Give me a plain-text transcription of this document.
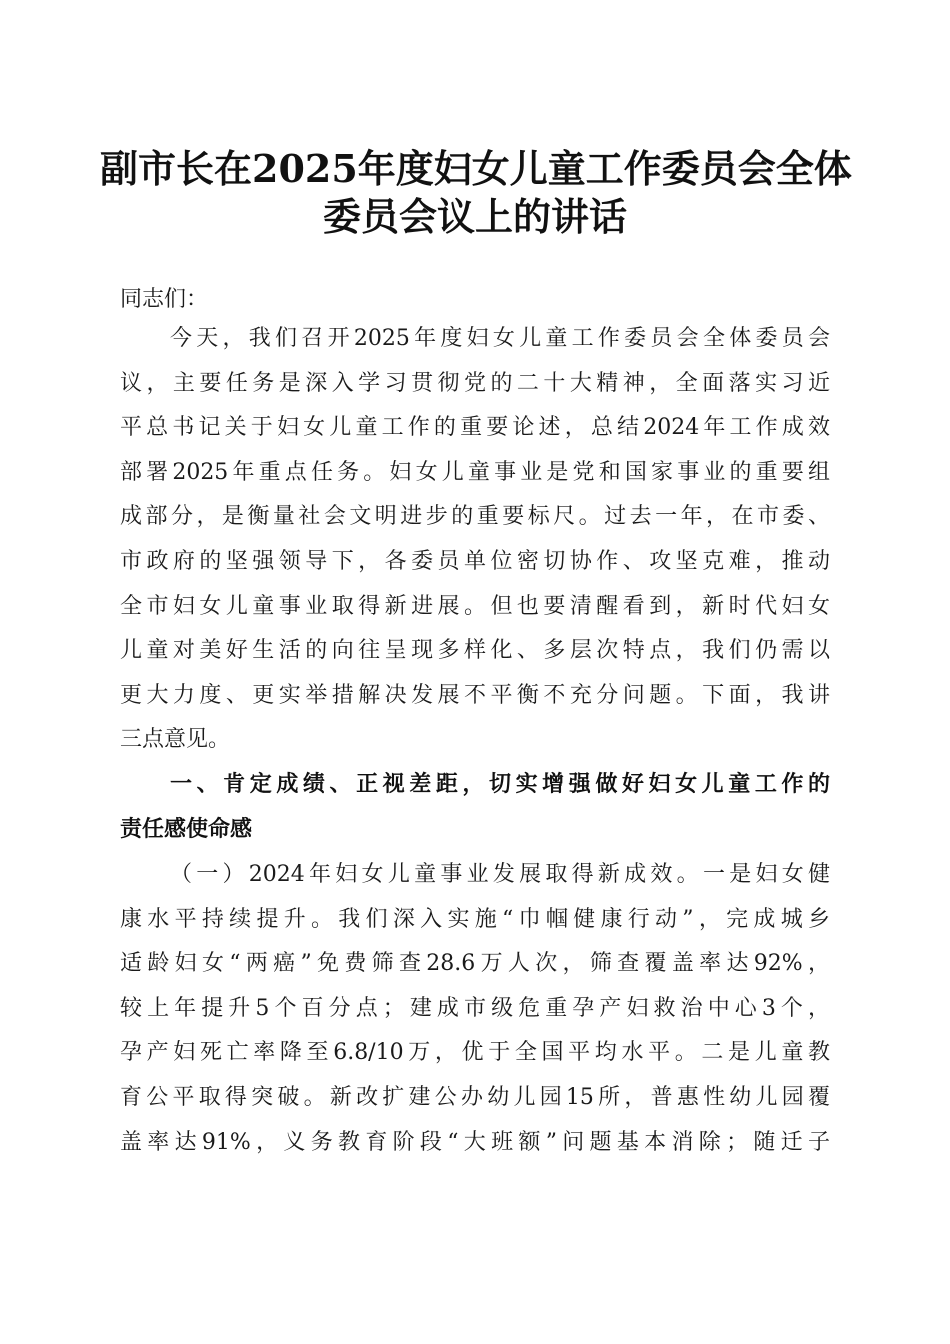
副市长在2025年度妇女儿童工作委员会全体
委员会议上的讲话
同志们：
今天，我们召开2025年度妇女儿童工作委员会全体委员会
议，主要任务是深入学习贯彻党的二十大精神，全面落实习近
平总书记关于妇女儿童工作的重要论述，总结2024年工作成效
部署2025年重点任务。妇女儿童事业是党和国家事业的重要组
成部分，是衡量社会文明进步的重要标尺。过去一年，在市委、
市政府的坚强领导下，各委员单位密切协作、攻坚克难，推动
全市妇女儿童事业取得新进展。但也要清醒看到，新时代妇女
儿童对美好生活的向往呈现多样化、多层次特点，我们仍需以
更大力度、更实举措解决发展不平衡不充分问题。下面，我讲
三点意见。
一、肯定成绩、正视差距，切实增强做好妇女儿童工作的
责任感使命感
（一）2024年妇女儿童事业发展取得新成效。一是妇女健
康水平持续提升。我们深入实施“巾帼健康行动”，完成城乡
适龄妇女“两癌”免费筛查28.6万人次，筛查覆盖率达92%，
较上年提升5个百分点；建成市级危重孕产妇救治中心3个，
孕产妇死亡率降至6.8/10万，优于全国平均水平。二是儿童教
育公平取得突破。新改扩建公办幼儿园15所，普惠性幼儿园覆
盖率达91%，义务教育阶段“大班额”问题基本消除；随迁子
